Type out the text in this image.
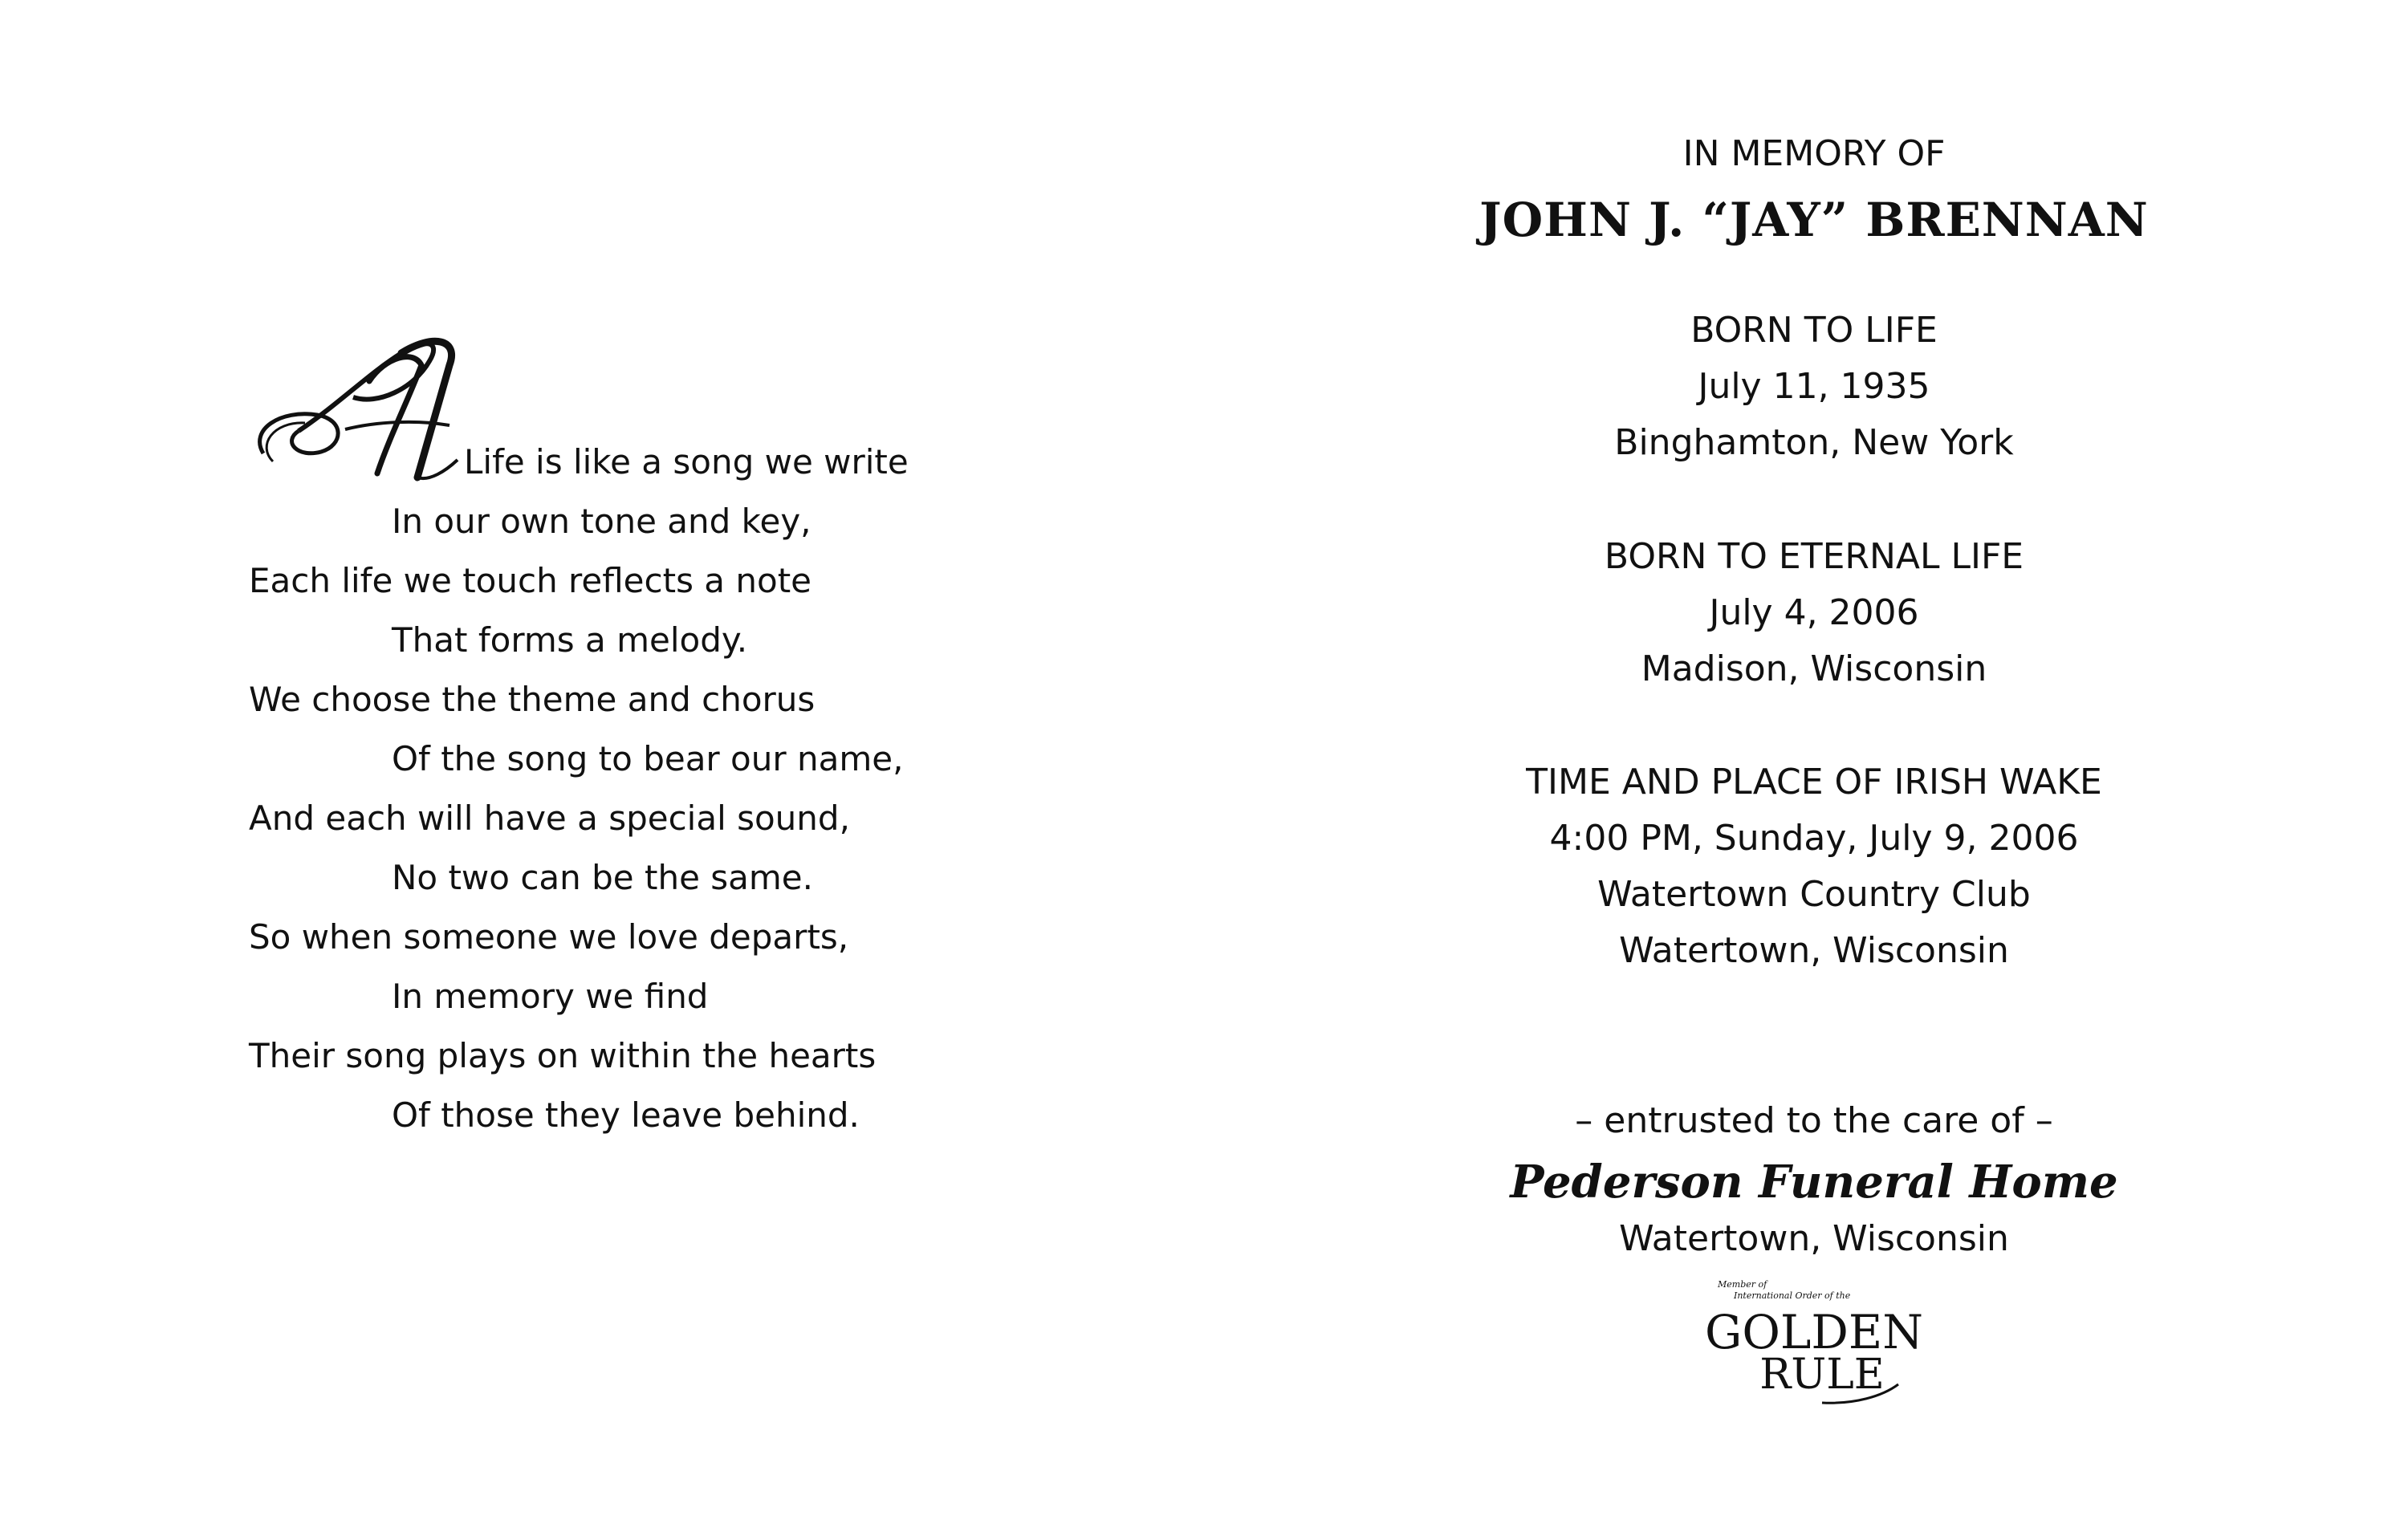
A	Life is like a song we write
In our own tone and key,
Each life we touch reflects a note
That forms a melody.
We choose the theme and chorus
Of the song to bear our name,
And each will have a special sound,
No two can be the same.
So when someone we love departs,
In memory we find
Their song plays on within the hearts
Of those they leave behind.
IN MEMORY OF
JOHN J. “JAY” BRENNAN
BORN TO LIFE
July 11, 1935
Binghamton, New York
BORN TO ETERNAL LIFE
July 4, 2006
Madison, Wisconsin
TIME AND PLACE OF IRISH WAKE
4:00 PM, Sunday, July 9, 2006
Watertown Country Club
Watertown, Wisconsin
– entrusted to the care of –
Pederson Funeral Home
Watertown, Wisconsin
Member of
International Order of the
GOLDEN
RULE
